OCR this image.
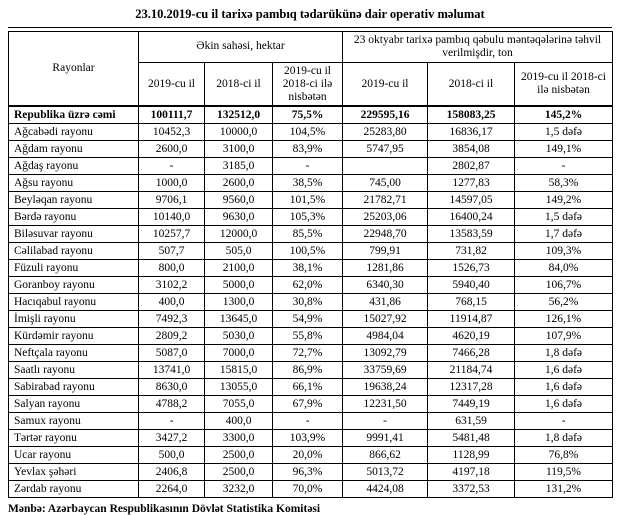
23.10.2019-cu il tarixə pambıq tədarükünə dair operativ məlumat
Rayonlar	Əkin sahəsi, hektar			23 oktyabr tarixə pambıq qəbulu məntəqələrinə təhvil verilmişdir, ton		
	2019-cu il	2018-ci il	2019-cu il 2018-ci ilə nisbətən	2019-cu il	2018-ci il	2019-cu il 2018-ci ilə nisbətən
Republika üzrə cəmi	100111,7	132512,0	75,5%	229595,16	158083,25	145,2%
Ağcabədi rayonu	10452,3	10000,0	104,5%	25283,80	16836,17	1,5 dəfə
Ağdam rayonu	2600,0	3100,0	83,9%	5747,95	3854,08	149,1%
Ağdaş rayonu	-	3185,0	-		2802,87	-
Ağsu rayonu	1000,0	2600,0	38,5%	745,00	1277,83	58,3%
Beyləqan rayonu	9706,1	9560,0	101,5%	21782,71	14597,05	149,2%
Bərdə rayonu	10140,0	9630,0	105,3%	25203,06	16400,24	1,5 dəfə
Biləsuvar rayonu	10257,7	12000,0	85,5%	22948,70	13583,59	1,7 dəfə
Cəlilabad rayonu	507,7	505,0	100,5%	799,91	731,82	109,3%
Füzuli rayonu	800,0	2100,0	38,1%	1281,86	1526,73	84,0%
Goranboy rayonu	3102,2	5000,0	62,0%	6340,30	5940,40	106,7%
Hacıqabul rayonu	400,0	1300,0	30,8%	431,86	768,15	56,2%
İmişli rayonu	7492,3	13645,0	54,9%	15027,92	11914,87	126,1%
Kürdəmir rayonu	2809,2	5030,0	55,8%	4984,04	4620,19	107,9%
Neftçala rayonu	5087,0	7000,0	72,7%	13092,79	7466,28	1,8 dəfə
Saatlı rayonu	13741,0	15815,0	86,9%	33759,69	21184,74	1,6 dəfə
Sabirabad rayonu	8630,0	13055,0	66,1%	19638,24	12317,28	1,6 dəfə
Salyan rayonu	4788,2	7055,0	67,9%	12231,50	7449,19	1,6 dəfə
Samux rayonu	-	400,0	-	-	631,59	-
Tərtər rayonu	3427,2	3300,0	103,9%	9991,41	5481,48	1,8 dəfə
Ucar rayonu	500,0	2500,0	20,0%	866,62	1128,99	76,8%
Yevlax şəhəri	2406,8	2500,0	96,3%	5013,72	4197,18	119,5%
Zərdab rayonu	2264,0	3232,0	70,0%	4424,08	3372,53	131,2%
Mənbə: Azərbaycan Respublikasının Dövlət Statistika Komitəsi
